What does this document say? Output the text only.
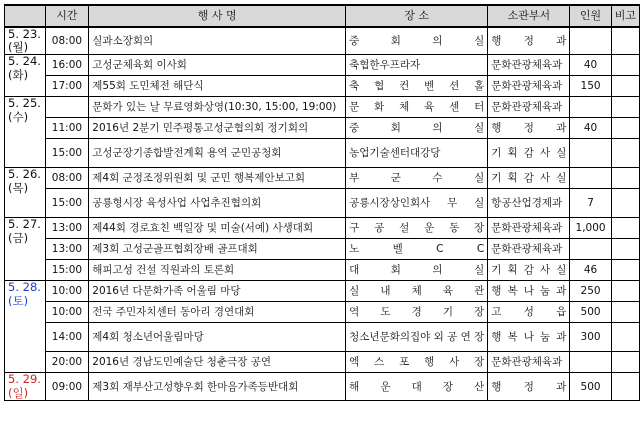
	시간	행 사 명	장 소	소관부서	인원	비고

5. 23.
(월)	08:00	실과소장회의	중 회 의 실	행 정 과		

5. 24.
(화)	16:00	고성군체육회 이사회	축협한우프라자	문화관광체육과	40	
	17:00	제55회 도민체전 해단식	축 협 컨 벤 션 홀	문화관광체육과	150	

5. 25.
(수)		문화가 있는 날 무료영화상영(10:30, 15:00, 19:00)	문 화 체 육 센 터	문화관광체육과		
	11:00	2016년 2분기 민주평통고성군협의회 정기회의	중 회 의 실	행 정 과	40	
	15:00	고성군장기종합발전계획 용역 군민공청회	농업기술센터대강당	기 획 감 사 실		

5. 26.
(목)	08:00	제4회 군정조정위원회 및 군민 행복제안보고회	부 군 수 실	기 획 감 사 실		
	15:00	공룡형시장 육성사업 사업추진협의회	공룡시장상인회사 무 실	항공산업경제과	7	

5. 27.
(금)	13:00	제44회 경로효친 백일장 및 미술(서예) 사생대회	구 공 설 운 동 장	문화관광체육과	1,000	
	13:00	제3회 고성군골프협회장배 골프대회	노 벨 C C	문화관광체육과		
	15:00	해피고성 건설 직원과의 토론회	대 회 의 실	기 획 감 사 실	46	

5. 28.
(토)	10:00	2016년 다문화가족 어울림 마당	실 내 체 육 관	행 복 나 눔 과	250	
	10:00	전국 주민자치센터 동아리 경연대회	역 도 경 기 장	고 성 읍	500	
	14:00	제4회 청소년어울림마당	청소년문화의집야 외 공 연 장	행 복 나 눔 과	300	
	20:00	2016년 경남도민예술단 청춘극장 공연	엑 스 포 행 사 장	문화관광체육과		

5. 29.
(일)	09:00	제3회 재부산고성향우회 한마음가족등반대회	해 운 대 장 산	행 정 과	500	
